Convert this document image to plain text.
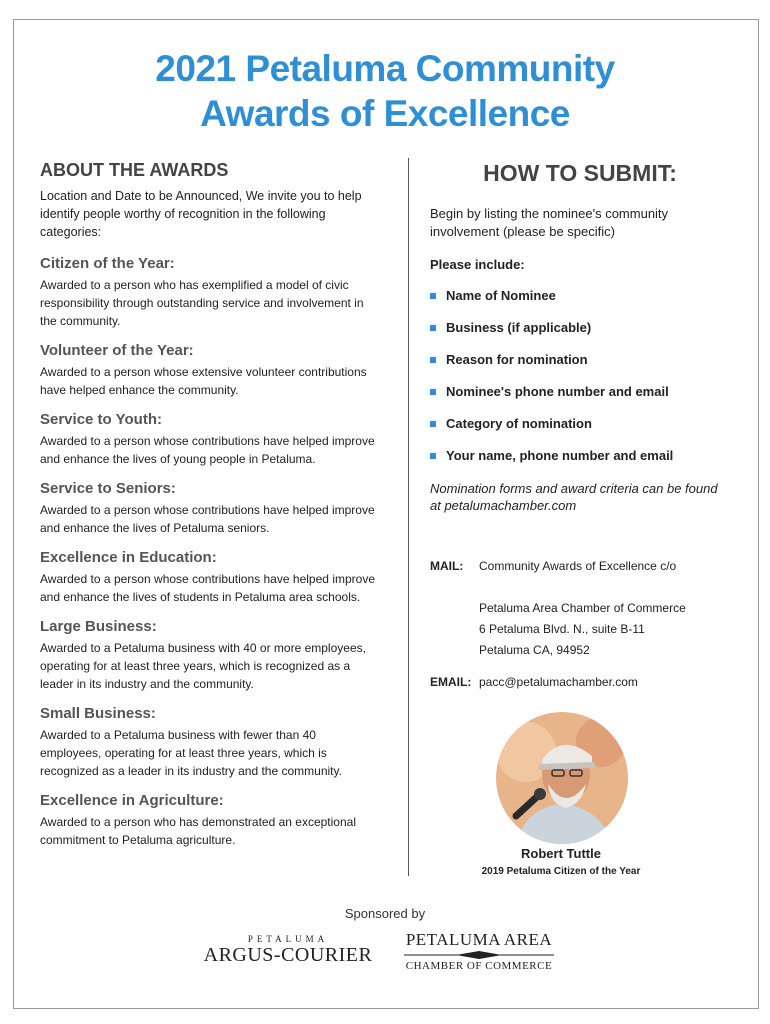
2021 Petaluma Community
Awards of Excellence
ABOUT THE AWARDS
Location and Date to be Announced, We invite you to help identify people worthy of recognition in the following categories:
Citizen of the Year:
Awarded to a person who has exemplified a model of civic responsibility through outstanding service and involvement in the community.
Volunteer of the Year:
Awarded to a person whose extensive volunteer contributions have helped enhance the community.
Service to Youth:
Awarded to a person whose contributions have helped improve and enhance the lives of young people in Petaluma.
Service to Seniors:
Awarded to a person whose contributions have helped improve and enhance the lives of Petaluma seniors.
Excellence in Education:
Awarded to a person whose contributions have helped improve and enhance the lives of students in Petaluma area schools.
Large Business:
Awarded to a Petaluma business with 40 or more employees, operating for at least three years, which is recognized as a leader in its industry and the community.
Small Business:
Awarded to a Petaluma business with fewer than 40 employees, operating for at least three years, which is recognized as a leader in its industry and the community.
Excellence in Agriculture:
Awarded to a person who has demonstrated an exceptional commitment to Petaluma agriculture.
HOW TO SUBMIT:
Begin by listing the nominee's community involvement (please be specific)
Please include:
Name of Nominee
Business (if applicable)
Reason for nomination
Nominee's phone number and email
Category of nomination
Your name, phone number and email
Nomination forms and award criteria can be found at petalumachamber.com
MAIL:	Community Awards of Excellence c/o
Petaluma Area Chamber of Commerce
6 Petaluma Blvd. N., suite B-11
Petaluma CA, 94952
EMAIL: pacc@petalumachamber.com
Robert Tuttle
2019 Petaluma Citizen of the Year
Sponsored by
PETALUMA
ARGUS-COURIER
PETALUMA AREA
CHAMBER OF COMMERCE
